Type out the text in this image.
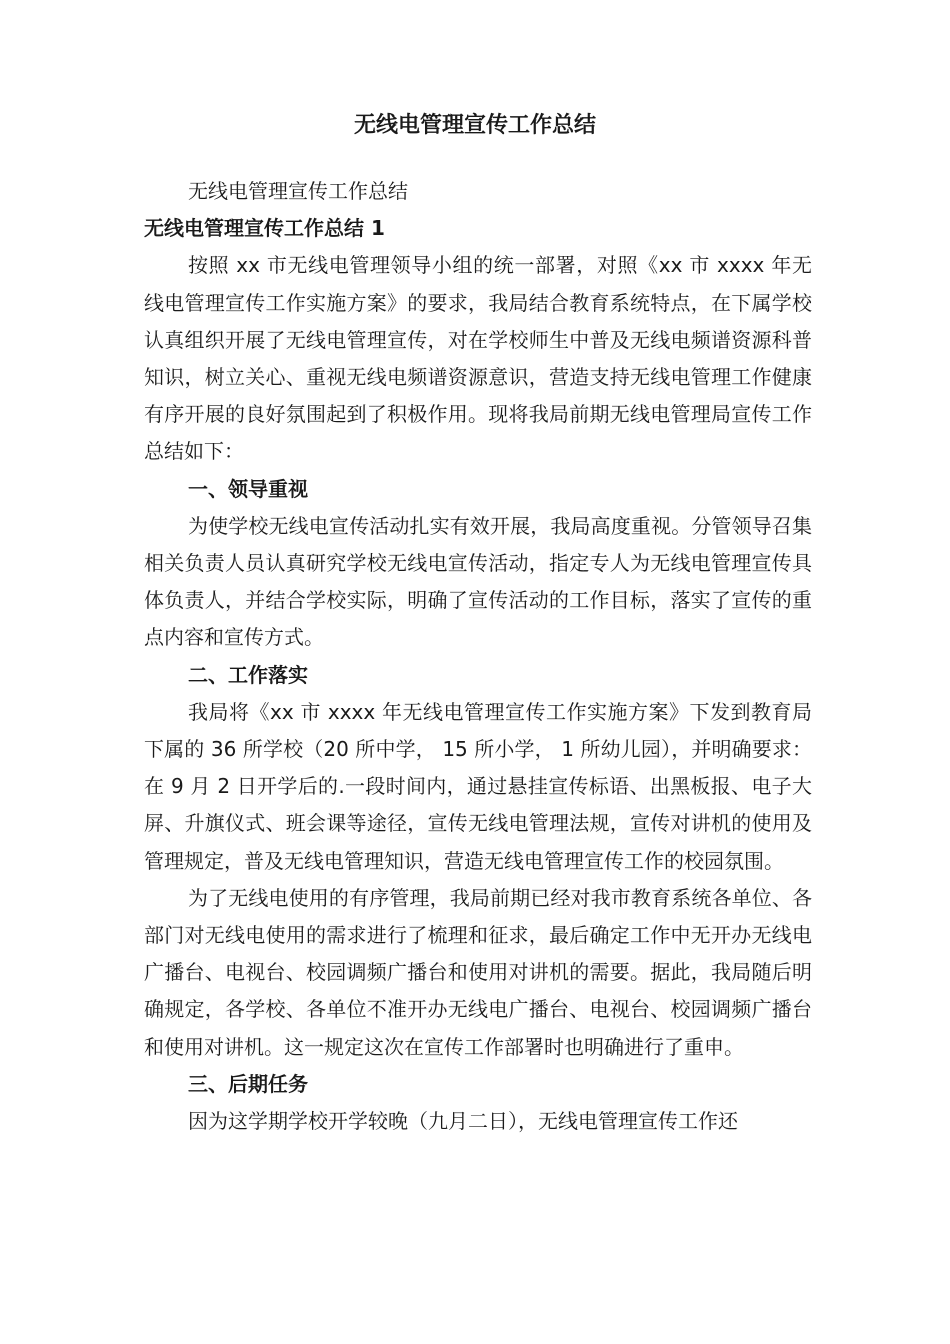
无线电管理宣传工作总结

无线电管理宣传工作总结

无线电管理宣传工作总结 1

按照 xx 市无线电管理领导小组的统一部署，对照《xx 市 xxxx 年无线电管理宣传工作实施方案》的要求，我局结合教育系统特点，在下属学校认真组织开展了无线电管理宣传，对在学校师生中普及无线电频谱资源科普知识，树立关心、重视无线电频谱资源意识，营造支持无线电管理工作健康有序开展的良好氛围起到了积极作用。现将我局前期无线电管理局宣传工作总结如下：

一、领导重视

为使学校无线电宣传活动扎实有效开展，我局高度重视。分管领导召集相关负责人员认真研究学校无线电宣传活动，指定专人为无线电管理宣传具体负责人，并结合学校实际，明确了宣传活动的工作目标，落实了宣传的重点内容和宣传方式。

二、工作落实

我局将《xx 市 xxxx 年无线电管理宣传工作实施方案》下发到教育局下属的 36 所学校（20 所中学， 15 所小学， 1 所幼儿园），并明确要求：在 9 月 2 日开学后的.一段时间内，通过悬挂宣传标语、出黑板报、电子大屏、升旗仪式、班会课等途径，宣传无线电管理法规，宣传对讲机的使用及管理规定，普及无线电管理知识，营造无线电管理宣传工作的校园氛围。

为了无线电使用的有序管理，我局前期已经对我市教育系统各单位、各部门对无线电使用的需求进行了梳理和征求，最后确定工作中无开办无线电广播台、电视台、校园调频广播台和使用对讲机的需要。据此，我局随后明确规定，各学校、各单位不准开办无线电广播台、电视台、校园调频广播台和使用对讲机。这一规定这次在宣传工作部署时也明确进行了重申。

三、后期任务

因为这学期学校开学较晚（九月二日），无线电管理宣传工作还
